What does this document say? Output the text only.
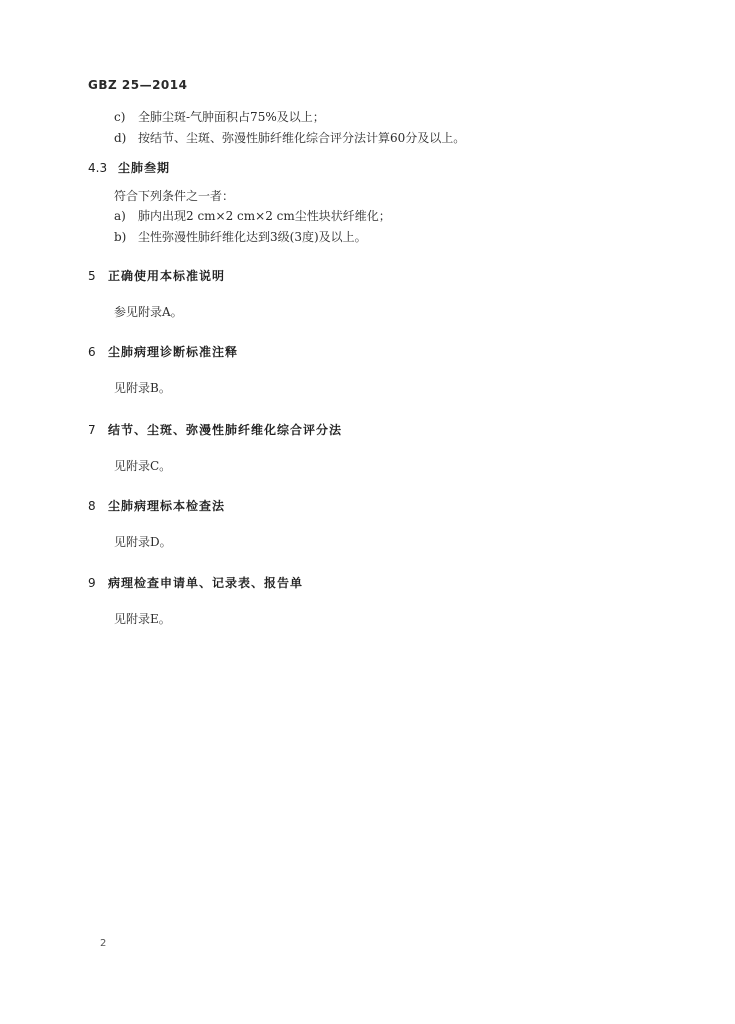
GBZ 25—2014
c) 全肺尘斑-气肿面积占75%及以上；
d) 按结节、尘斑、弥漫性肺纤维化综合评分法计算60分及以上。
4.3 尘肺叁期
符合下列条件之一者：
a) 肺内出现2 cm×2 cm×2 cm尘性块状纤维化；
b) 尘性弥漫性肺纤维化达到3级(3度)及以上。
5 正确使用本标准说明
参见附录A。
6 尘肺病理诊断标准注释
见附录B。
7 结节、尘斑、弥漫性肺纤维化综合评分法
见附录C。
8 尘肺病理标本检查法
见附录D。
9 病理检查申请单、记录表、报告单
见附录E。
2
